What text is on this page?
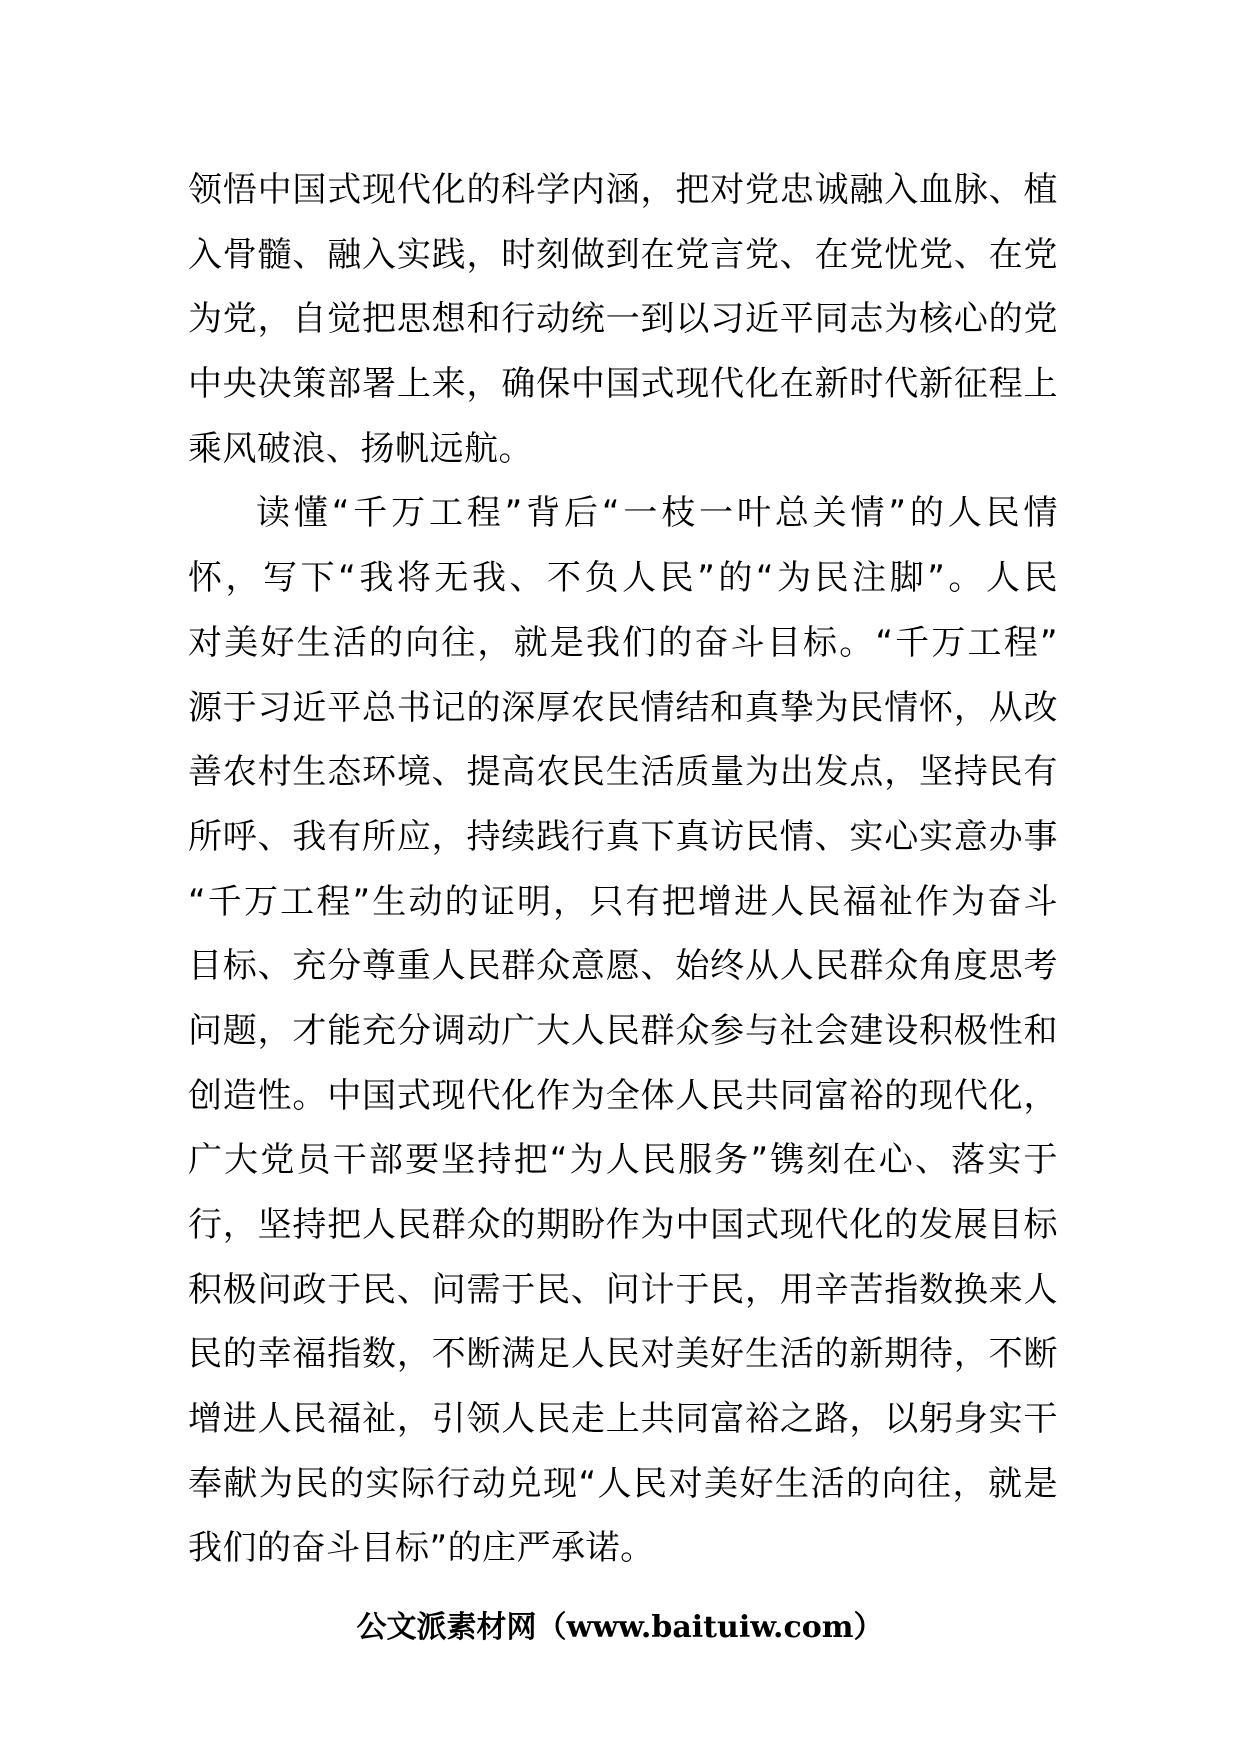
领悟中国式现代化的科学内涵，把对党忠诚融入血脉、植
入骨髓、融入实践，时刻做到在党言党、在党忧党、在党
为党，自觉把思想和行动统一到以习近平同志为核心的党
中央决策部署上来，确保中国式现代化在新时代新征程上
乘风破浪、扬帆远航。
读懂“千万工程”背后“一枝一叶总关情”的人民情
怀，写下“我将无我、不负人民”的“为民注脚”。人民
对美好生活的向往，就是我们的奋斗目标。“千万工程”
源于习近平总书记的深厚农民情结和真挚为民情怀，从改
善农村生态环境、提高农民生活质量为出发点，坚持民有
所呼、我有所应，持续践行真下真访民情、实心实意办事
“千万工程”生动的证明，只有把增进人民福祉作为奋斗
目标、充分尊重人民群众意愿、始终从人民群众角度思考
问题，才能充分调动广大人民群众参与社会建设积极性和
创造性。中国式现代化作为全体人民共同富裕的现代化，
广大党员干部要坚持把“为人民服务”镌刻在心、落实于
行，坚持把人民群众的期盼作为中国式现代化的发展目标
积极问政于民、问需于民、问计于民，用辛苦指数换来人
民的幸福指数，不断满足人民对美好生活的新期待，不断
增进人民福祉，引领人民走上共同富裕之路，以躬身实干
奉献为民的实际行动兑现“人民对美好生活的向往，就是
我们的奋斗目标”的庄严承诺。
公文派素材网（www.baituiw.com）
